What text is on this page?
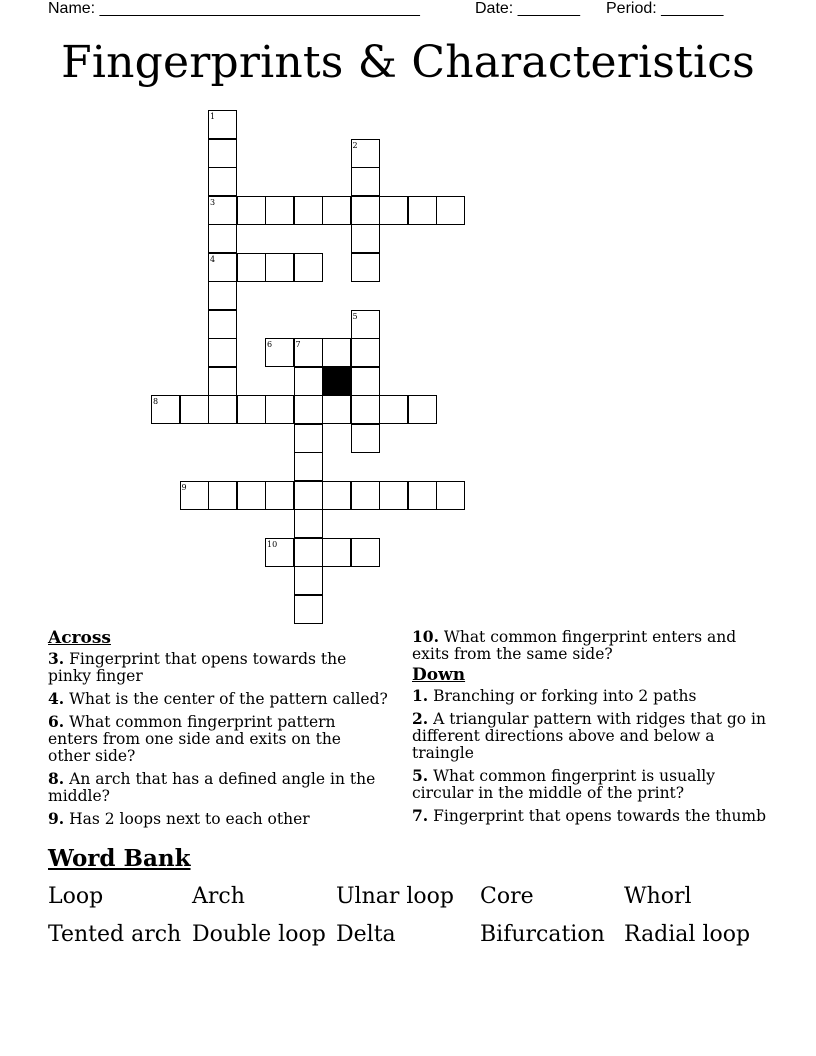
Name: ____________________________________	Date: _______ Period: _______
Fingerprints & Characteristics
1
2
3
4
5
6	7
8
9
10
Across
3. Fingerprint that opens towards the pinky finger
4. What is the center of the pattern called?
6. What common fingerprint pattern enters from one side and exits on the other side?
8. An arch that has a defined angle in the middle?
9. Has 2 loops next to each other
10. What common fingerprint enters and exits from the same side?
Down
1. Branching or forking into 2 paths
2. A triangular pattern with ridges that go in different directions above and below a traingle
5. What common fingerprint is usually circular in the middle of the print?
7. Fingerprint that opens towards the thumb
Word Bank
Loop	Arch	Ulnar loop Core	Whorl
Tented arch Double loop Delta	Bifurcation Radial loop
